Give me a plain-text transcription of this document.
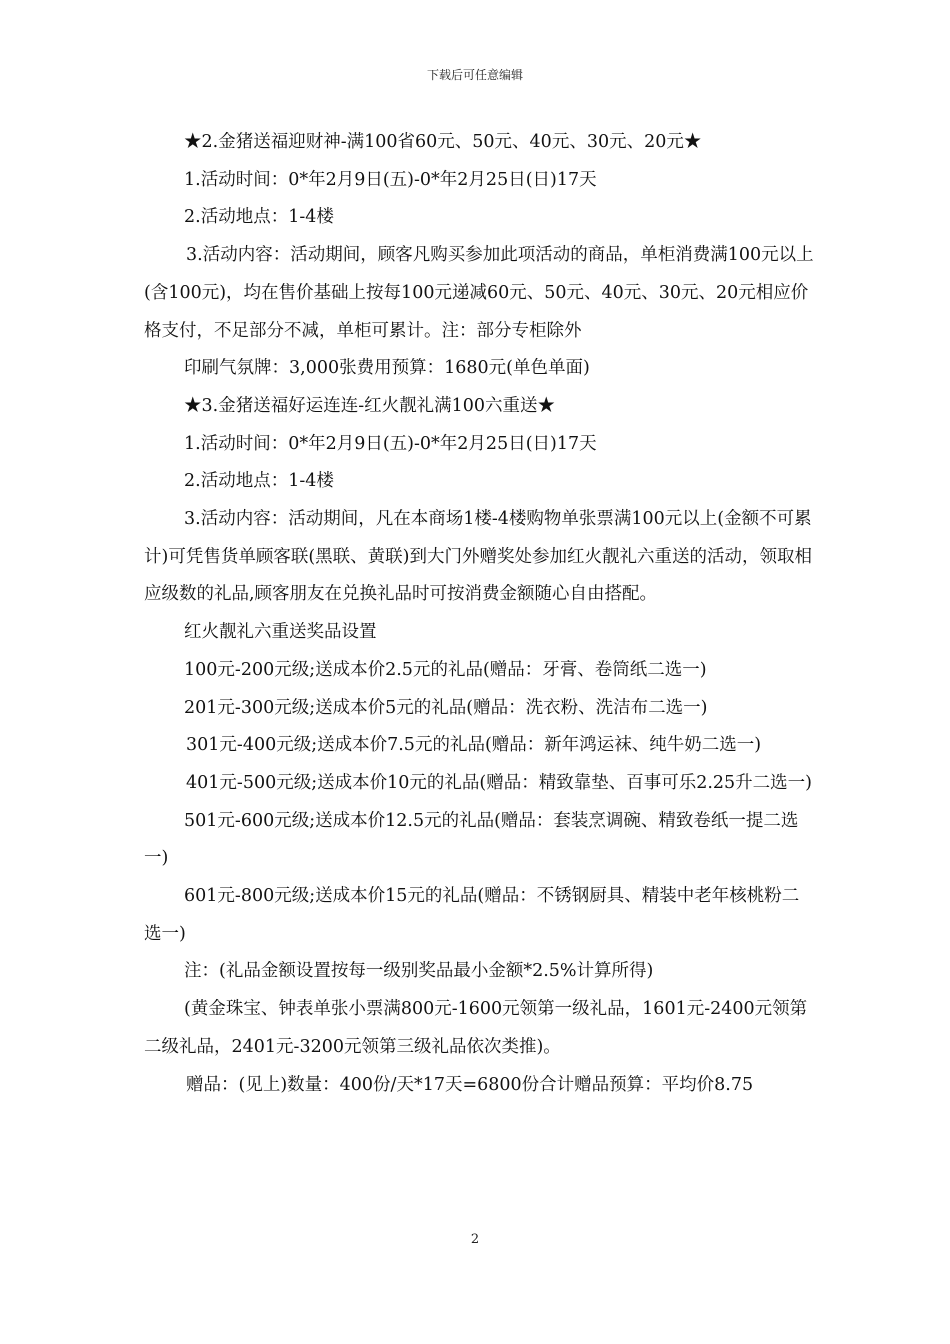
下载后可任意编辑

★2.金猪送福迎财神-满100省60元、50元、40元、30元、20元★

1.活动时间：0*年2月9日(五)-0*年2月25日(日)17天

2.活动地点：1-4楼

3.活动内容：活动期间，顾客凡购买参加此项活动的商品，单柜消费满100元以上(含100元)，均在售价基础上按每100元递减60元、50元、40元、30元、20元相应价格支付，不足部分不减，单柜可累计。注：部分专柜除外

印刷气氛牌：3,000张费用预算：1680元(单色单面)

★3.金猪送福好运连连-红火靓礼满100六重送★

1.活动时间：0*年2月9日(五)-0*年2月25日(日)17天

2.活动地点：1-4楼

3.活动内容：活动期间，凡在本商场1楼-4楼购物单张票满100元以上(金额不可累计)可凭售货单顾客联(黑联、黄联)到大门外赠奖处参加红火靓礼六重送的活动，领取相应级数的礼品,顾客朋友在兑换礼品时可按消费金额随心自由搭配。

红火靓礼六重送奖品设置

100元-200元级;送成本价2.5元的礼品(赠品：牙膏、卷筒纸二选一)

201元-300元级;送成本价5元的礼品(赠品：洗衣粉、洗洁布二选一)

301元-400元级;送成本价7.5元的礼品(赠品：新年鸿运袜、纯牛奶二选一)

401元-500元级;送成本价10元的礼品(赠品：精致靠垫、百事可乐2.25升二选一)

501元-600元级;送成本价12.5元的礼品(赠品：套装烹调碗、精致卷纸一提二选一)

601元-800元级;送成本价15元的礼品(赠品：不锈钢厨具、精装中老年核桃粉二选一)

注：(礼品金额设置按每一级别奖品最小金额*2.5%计算所得)

(黄金珠宝、钟表单张小票满800元-1600元领第一级礼品，1601元-2400元领第二级礼品，2401元-3200元领第三级礼品依次类推)。

赠品：(见上)数量：400份/天*17天=6800份合计赠品预算：平均价8.75

2
